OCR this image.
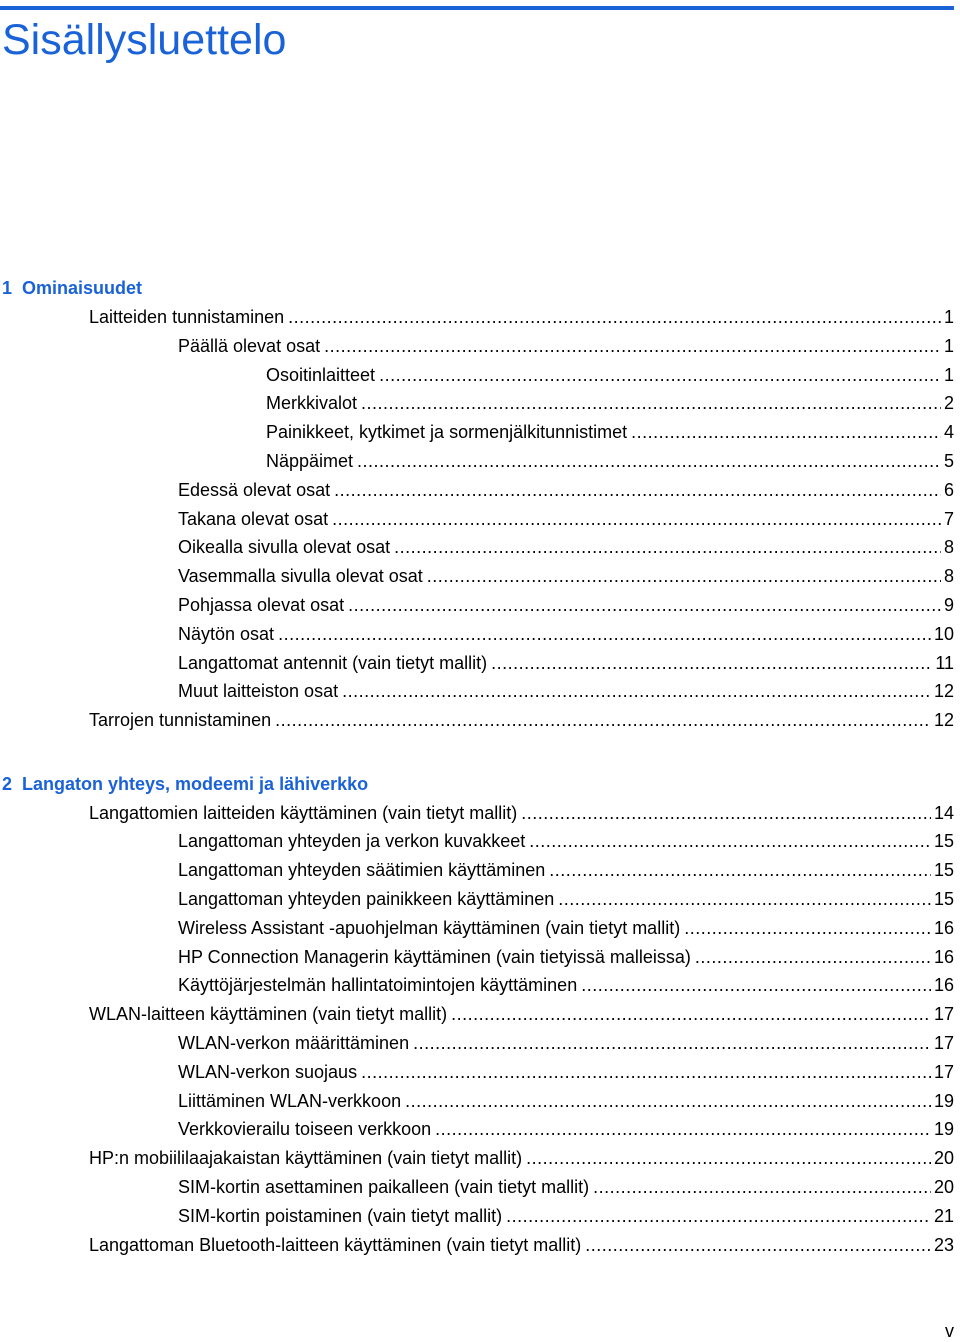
Sisällysluettelo
1 Ominaisuudet
Laitteiden tunnistaminen .....	1
Päällä olevat osat .....	1
Osoitinlaitteet .....	1
Merkkivalot .....	2
Painikkeet, kytkimet ja sormenjälkitunnistimet .....	4
Näppäimet .....	5
Edessä olevat osat .....	6
Takana olevat osat .....	7
Oikealla sivulla olevat osat .....	8
Vasemmalla sivulla olevat osat .....	8
Pohjassa olevat osat .....	9
Näytön osat .....	10
Langattomat antennit (vain tietyt mallit) .....	11
Muut laitteiston osat .....	12
Tarrojen tunnistaminen .....	12
2 Langaton yhteys, modeemi ja lähiverkko
Langattomien laitteiden käyttäminen (vain tietyt mallit) .....	14
Langattoman yhteyden ja verkon kuvakkeet .....	15
Langattoman yhteyden säätimien käyttäminen .....	15
Langattoman yhteyden painikkeen käyttäminen .....	15
Wireless Assistant -apuohjelman käyttäminen (vain tietyt mallit) .....	16
HP Connection Managerin käyttäminen (vain tietyissä malleissa) .....	16
Käyttöjärjestelmän hallintatoimintojen käyttäminen .....	16
WLAN-laitteen käyttäminen (vain tietyt mallit) .....	17
WLAN-verkon määrittäminen .....	17
WLAN-verkon suojaus .....	17
Liittäminen WLAN-verkkoon .....	19
Verkkovierailu toiseen verkkoon .....	19
HP:n mobiililaajakaistan käyttäminen (vain tietyt mallit) .....	20
SIM-kortin asettaminen paikalleen (vain tietyt mallit) .....	20
SIM-kortin poistaminen (vain tietyt mallit) .....	21
Langattoman Bluetooth-laitteen käyttäminen (vain tietyt mallit) .....	23
v
